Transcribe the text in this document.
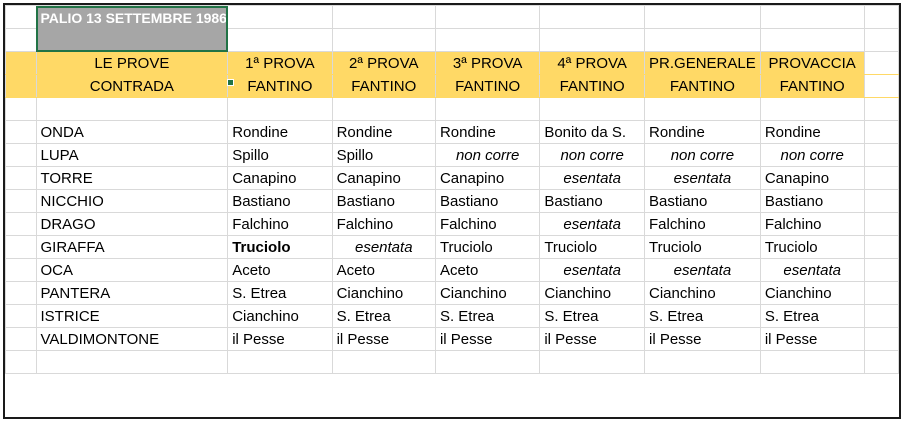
	PALIO 13 SETTEMBRE 1986							

	LE PROVE	1ª PROVA	2ª PROVA	3ª PROVA	4ª PROVA	PR.GENERALE	PROVACCIA	
	CONTRADA	FANTINO	FANTINO	FANTINO	FANTINO	FANTINO	FANTINO	

	ONDA	Rondine	Rondine	Rondine	Bonito da S.	Rondine	Rondine	
	LUPA	Spillo	Spillo	non corre	non corre	non corre	non corre	
	TORRE	Canapino	Canapino	Canapino	esentata	esentata	Canapino	
	NICCHIO	Bastiano	Bastiano	Bastiano	Bastiano	Bastiano	Bastiano	
	DRAGO	Falchino	Falchino	Falchino	esentata	Falchino	Falchino	
	GIRAFFA	Truciolo	esentata	Truciolo	Truciolo	Truciolo	Truciolo	
	OCA	Aceto	Aceto	Aceto	esentata	esentata	esentata	
	PANTERA	S. Etrea	Cianchino	Cianchino	Cianchino	Cianchino	Cianchino	
	ISTRICE	Cianchino	S. Etrea	S. Etrea	S. Etrea	S. Etrea	S. Etrea	
	VALDIMONTONE	il Pesse	il Pesse	il Pesse	il Pesse	il Pesse	il Pesse	
